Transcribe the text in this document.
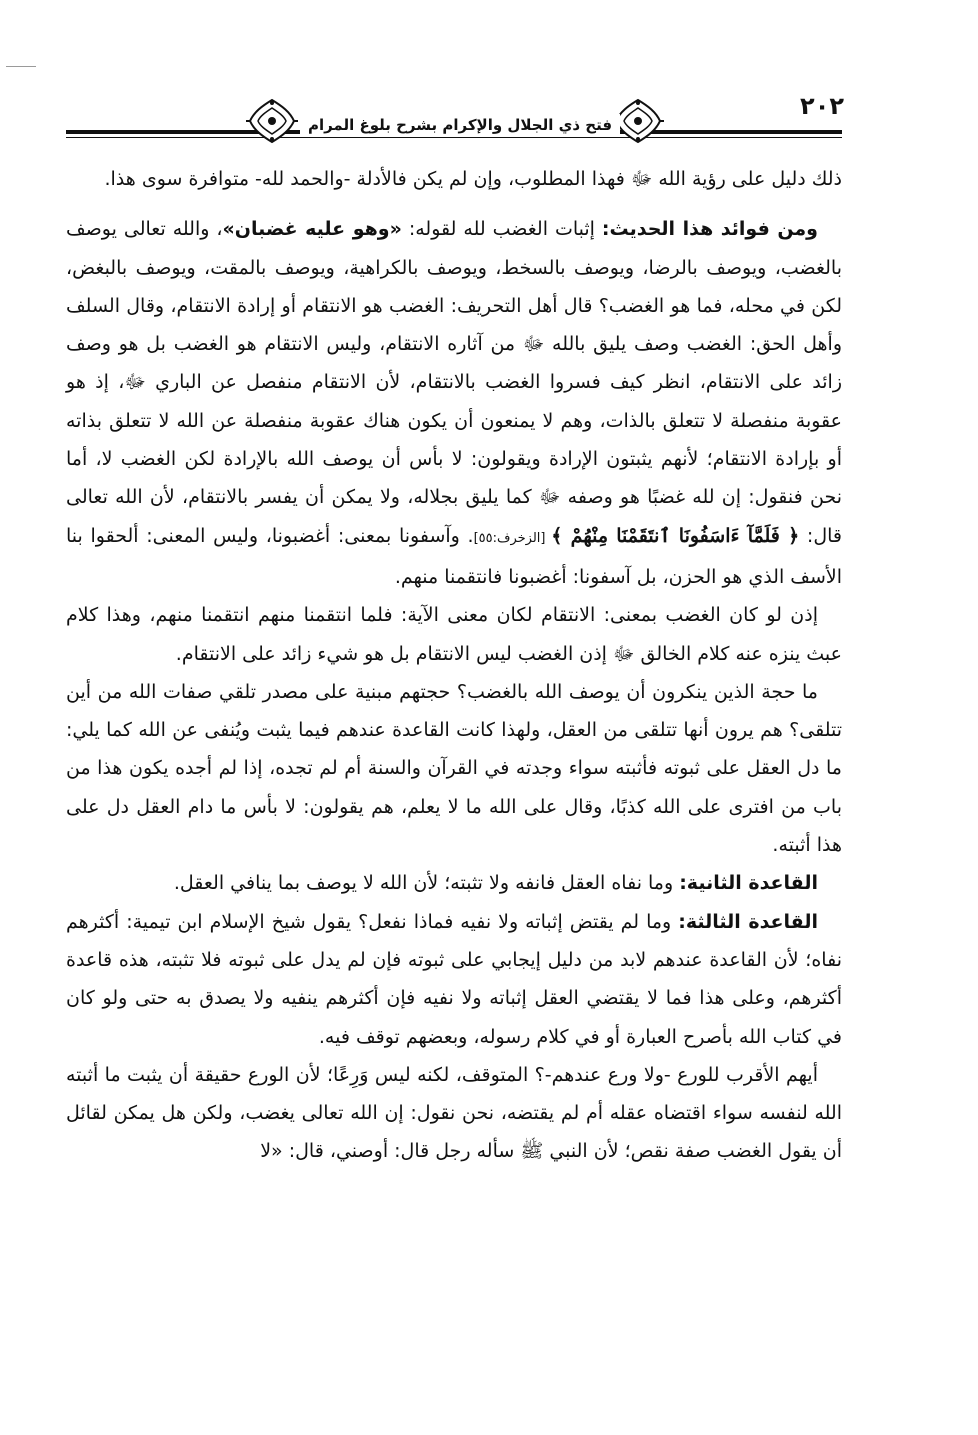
فتح ذي الجلال والإكرام بشرح بلوغ المرام
٢٠٢

ذلك دليل على رؤية الله ﷻ فهذا المطلوب، وإن لم يكن فالأدلة -والحمد لله- متوافرة سوى هذا.

ومن فوائد هذا الحديث: إثبات الغضب لله لقوله: «وهو عليه غضبان»، والله تعالى يوصف بالغضب، ويوصف بالرضا، ويوصف بالسخط، ويوصف بالكراهية، ويوصف بالمقت، ويوصف بالبغض، لكن في محله، فما هو الغضب؟ قال أهل التحريف: الغضب هو الانتقام أو إرادة الانتقام، وقال السلف وأهل الحق: الغضب وصف يليق بالله ﷻ من آثاره الانتقام، وليس الانتقام هو الغضب بل هو وصف زائد على الانتقام، انظر كيف فسروا الغضب بالانتقام، لأن الانتقام منفصل عن الباري ﷻ، إذ هو عقوبة منفصلة لا تتعلق بالذات، وهم لا يمنعون أن يكون هناك عقوبة منفصلة عن الله لا تتعلق بذاته أو بإرادة الانتقام؛ لأنهم يثبتون الإرادة ويقولون: لا بأس أن يوصف الله بالإرادة لكن الغضب لا، أما نحن فنقول: إن لله غضبًا هو وصفه ﷻ كما يليق بجلاله، ولا يمكن أن يفسر بالانتقام، لأن الله تعالى قال: ﴿ فَلَمَّآ ءَاسَفُونَا ٱنتَقَمْنَا مِنْهُمْ ﴾ [الزخرف:٥٥]. وآسفونا بمعنى: أغضبونا، وليس المعنى: ألحقوا بنا الأسف الذي هو الحزن، بل آسفونا: أغضبونا فانتقمنا منهم.

إذن لو كان الغضب بمعنى: الانتقام لكان معنى الآية: فلما انتقمنا منهم انتقمنا منهم، وهذا كلام عبث ينزه عنه كلام الخالق ﷻ إذن الغضب ليس الانتقام بل هو شيء زائد على الانتقام.

ما حجة الذين ينكرون أن يوصف الله بالغضب؟ حجتهم مبنية على مصدر تلقي صفات الله من أين تتلقى؟ هم يرون أنها تتلقى من العقل، ولهذا كانت القاعدة عندهم فيما يثبت ويُنفى عن الله كما يلي: ما دل العقل على ثبوته فأثبته سواء وجدته في القرآن والسنة أم لم تجده، إذا لم أجده يكون هذا من باب من افترى على الله كذبًا، وقال على الله ما لا يعلم، هم يقولون: لا بأس ما دام العقل دل على هذا أثبته.

القاعدة الثانية: وما نفاه العقل فانفه ولا تثبته؛ لأن الله لا يوصف بما ينافي العقل.

القاعدة الثالثة: وما لم يقتض إثباته ولا نفيه فماذا نفعل؟ يقول شيخ الإسلام ابن تيمية: أكثرهم نفاه؛ لأن القاعدة عندهم لابد من دليل إيجابي على ثبوته فإن لم يدل على ثبوته فلا تثبته، هذه قاعدة أكثرهم، وعلى هذا فما لا يقتضي العقل إثباته ولا نفيه فإن أكثرهم ينفيه ولا يصدق به حتى ولو كان في كتاب الله بأصرح العبارة أو في كلام رسوله، وبعضهم توقف فيه.

أيهم الأقرب للورع -ولا ورع عندهم-؟ المتوقف، لكنه ليس وَرِعًا؛ لأن الورع حقيقة أن يثبت ما أثبته الله لنفسه سواء اقتضاه عقله أم لم يقتضه، نحن نقول: إن الله تعالى يغضب، ولكن هل يمكن لقائل أن يقول الغضب صفة نقص؛ لأن النبي ﷺ سأله رجل قال: أوصني، قال: «لا
